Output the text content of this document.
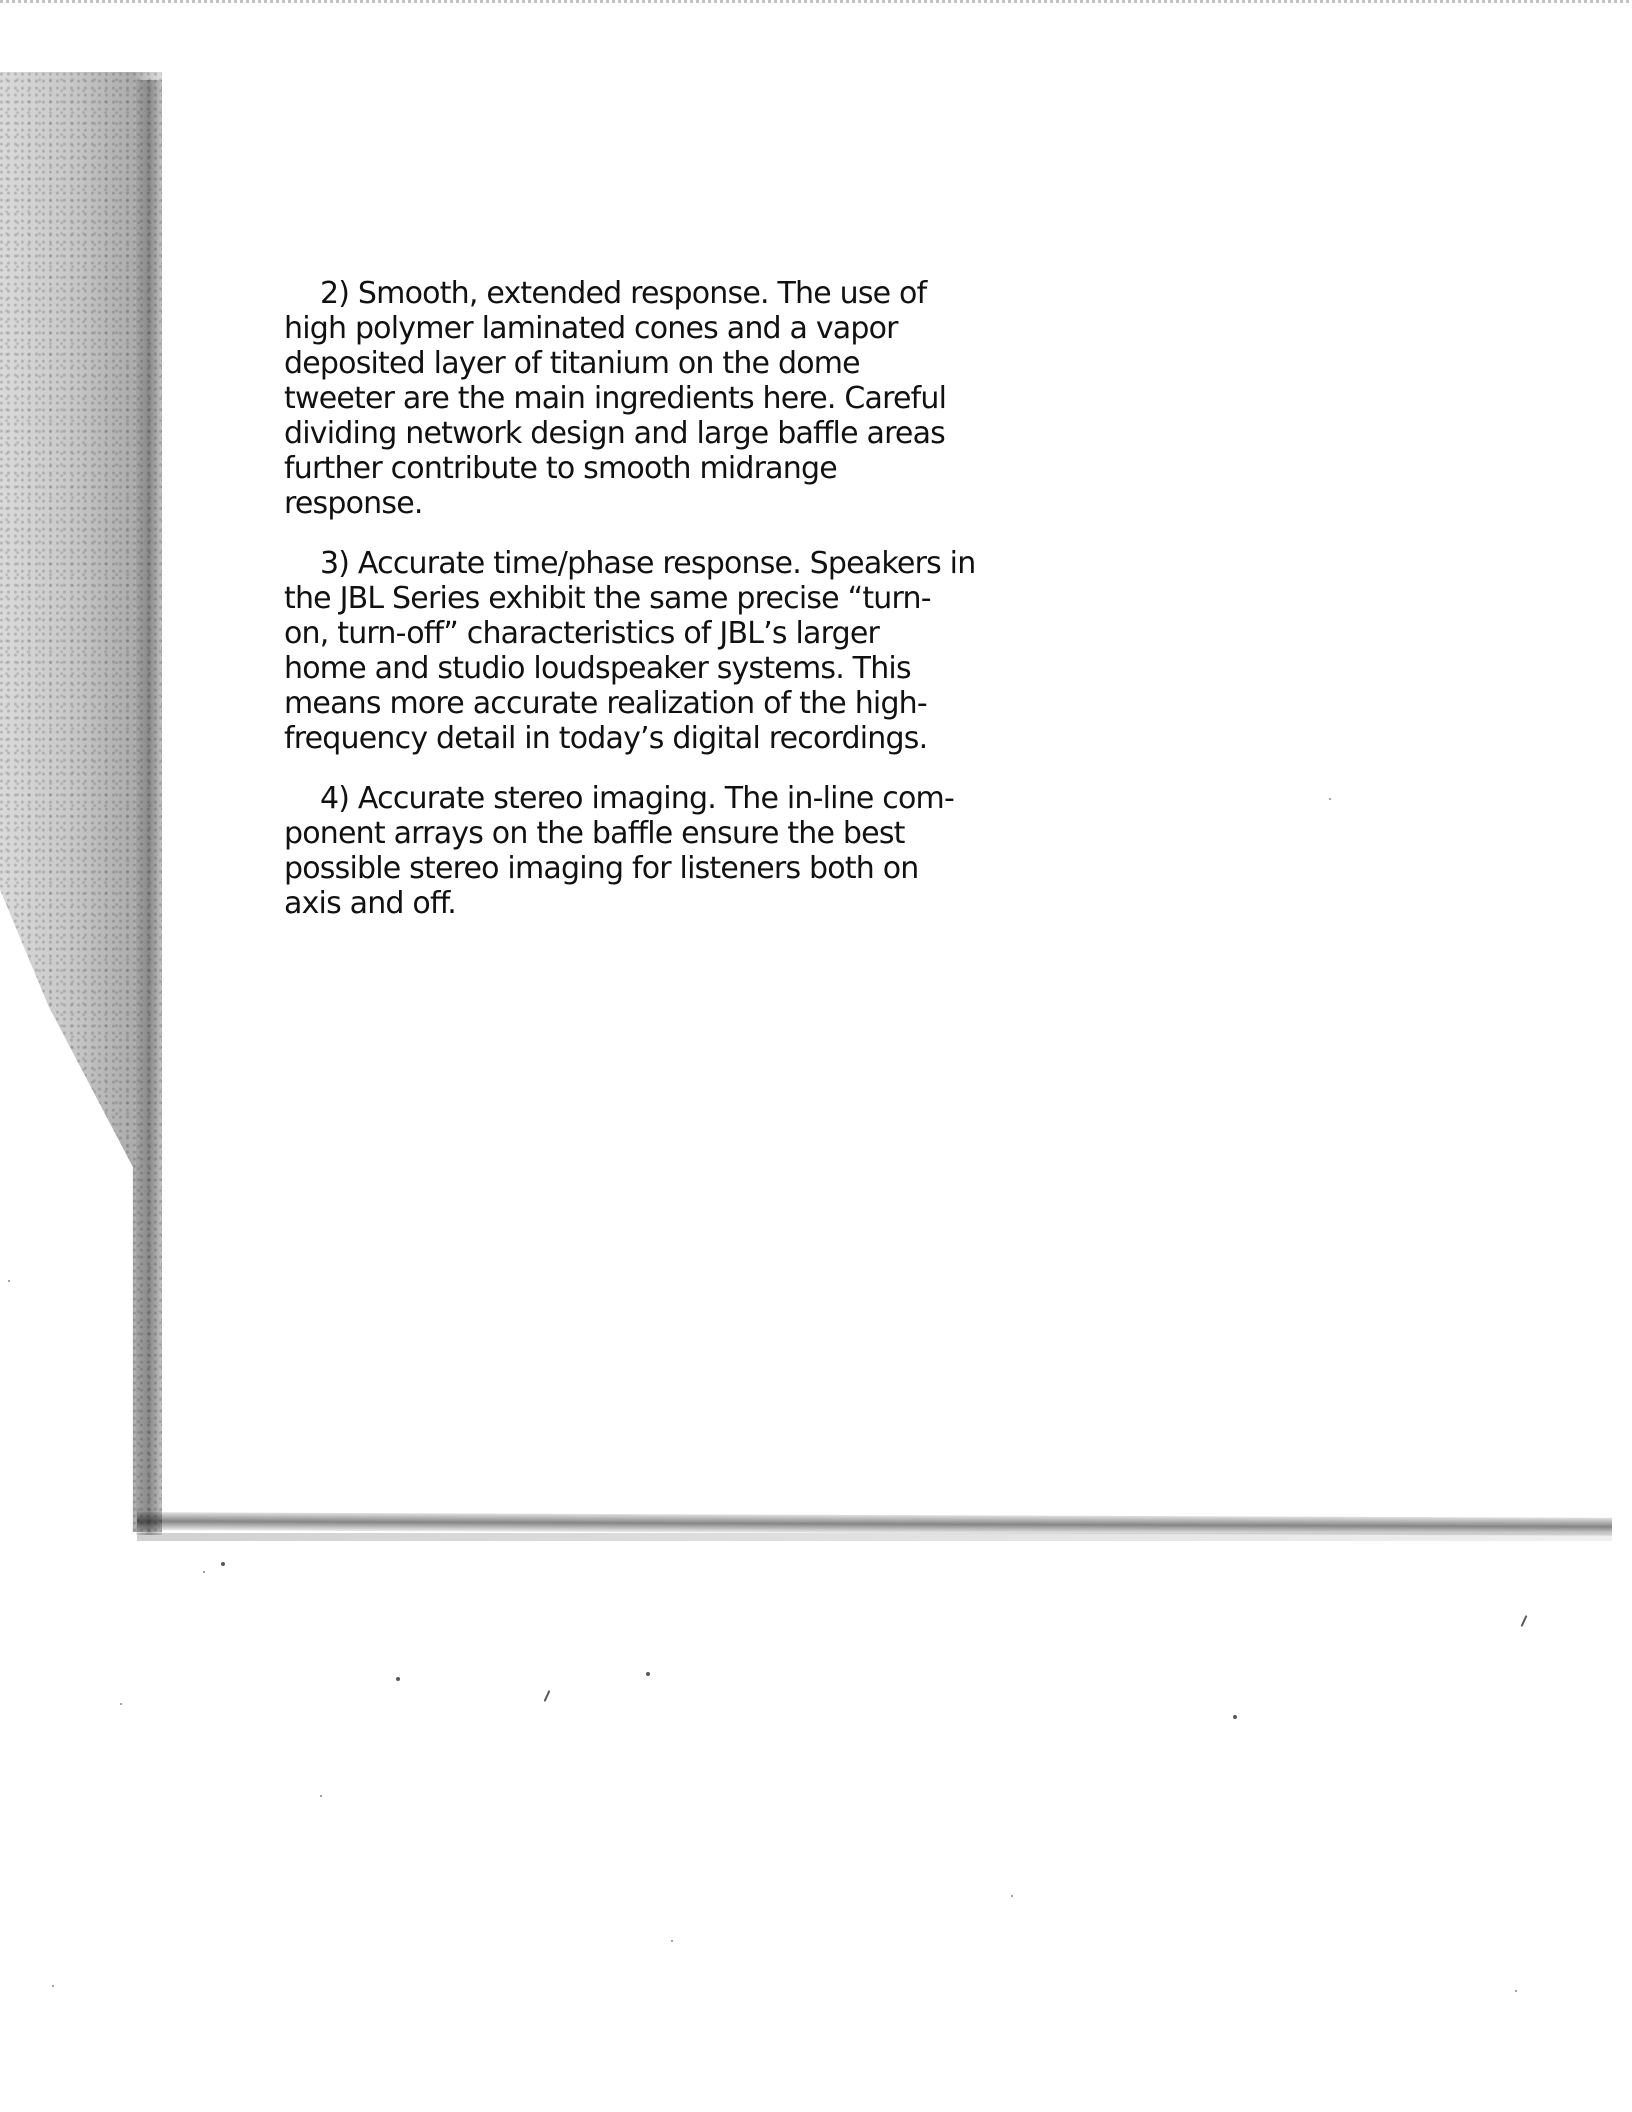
2) Smooth, extended response. The use of
high polymer laminated cones and a vapor
deposited layer of titanium on the dome
tweeter are the main ingredients here. Careful
dividing network design and large baffle areas
further contribute to smooth midrange
response.

3) Accurate time/phase response. Speakers in
the JBL Series exhibit the same precise “turn-
on, turn-off” characteristics of JBL’s larger
home and studio loudspeaker systems. This
means more accurate realization of the high-
frequency detail in today’s digital recordings.

4) Accurate stereo imaging. The in-line com-
ponent arrays on the baffle ensure the best
possible stereo imaging for listeners both on
axis and off.
